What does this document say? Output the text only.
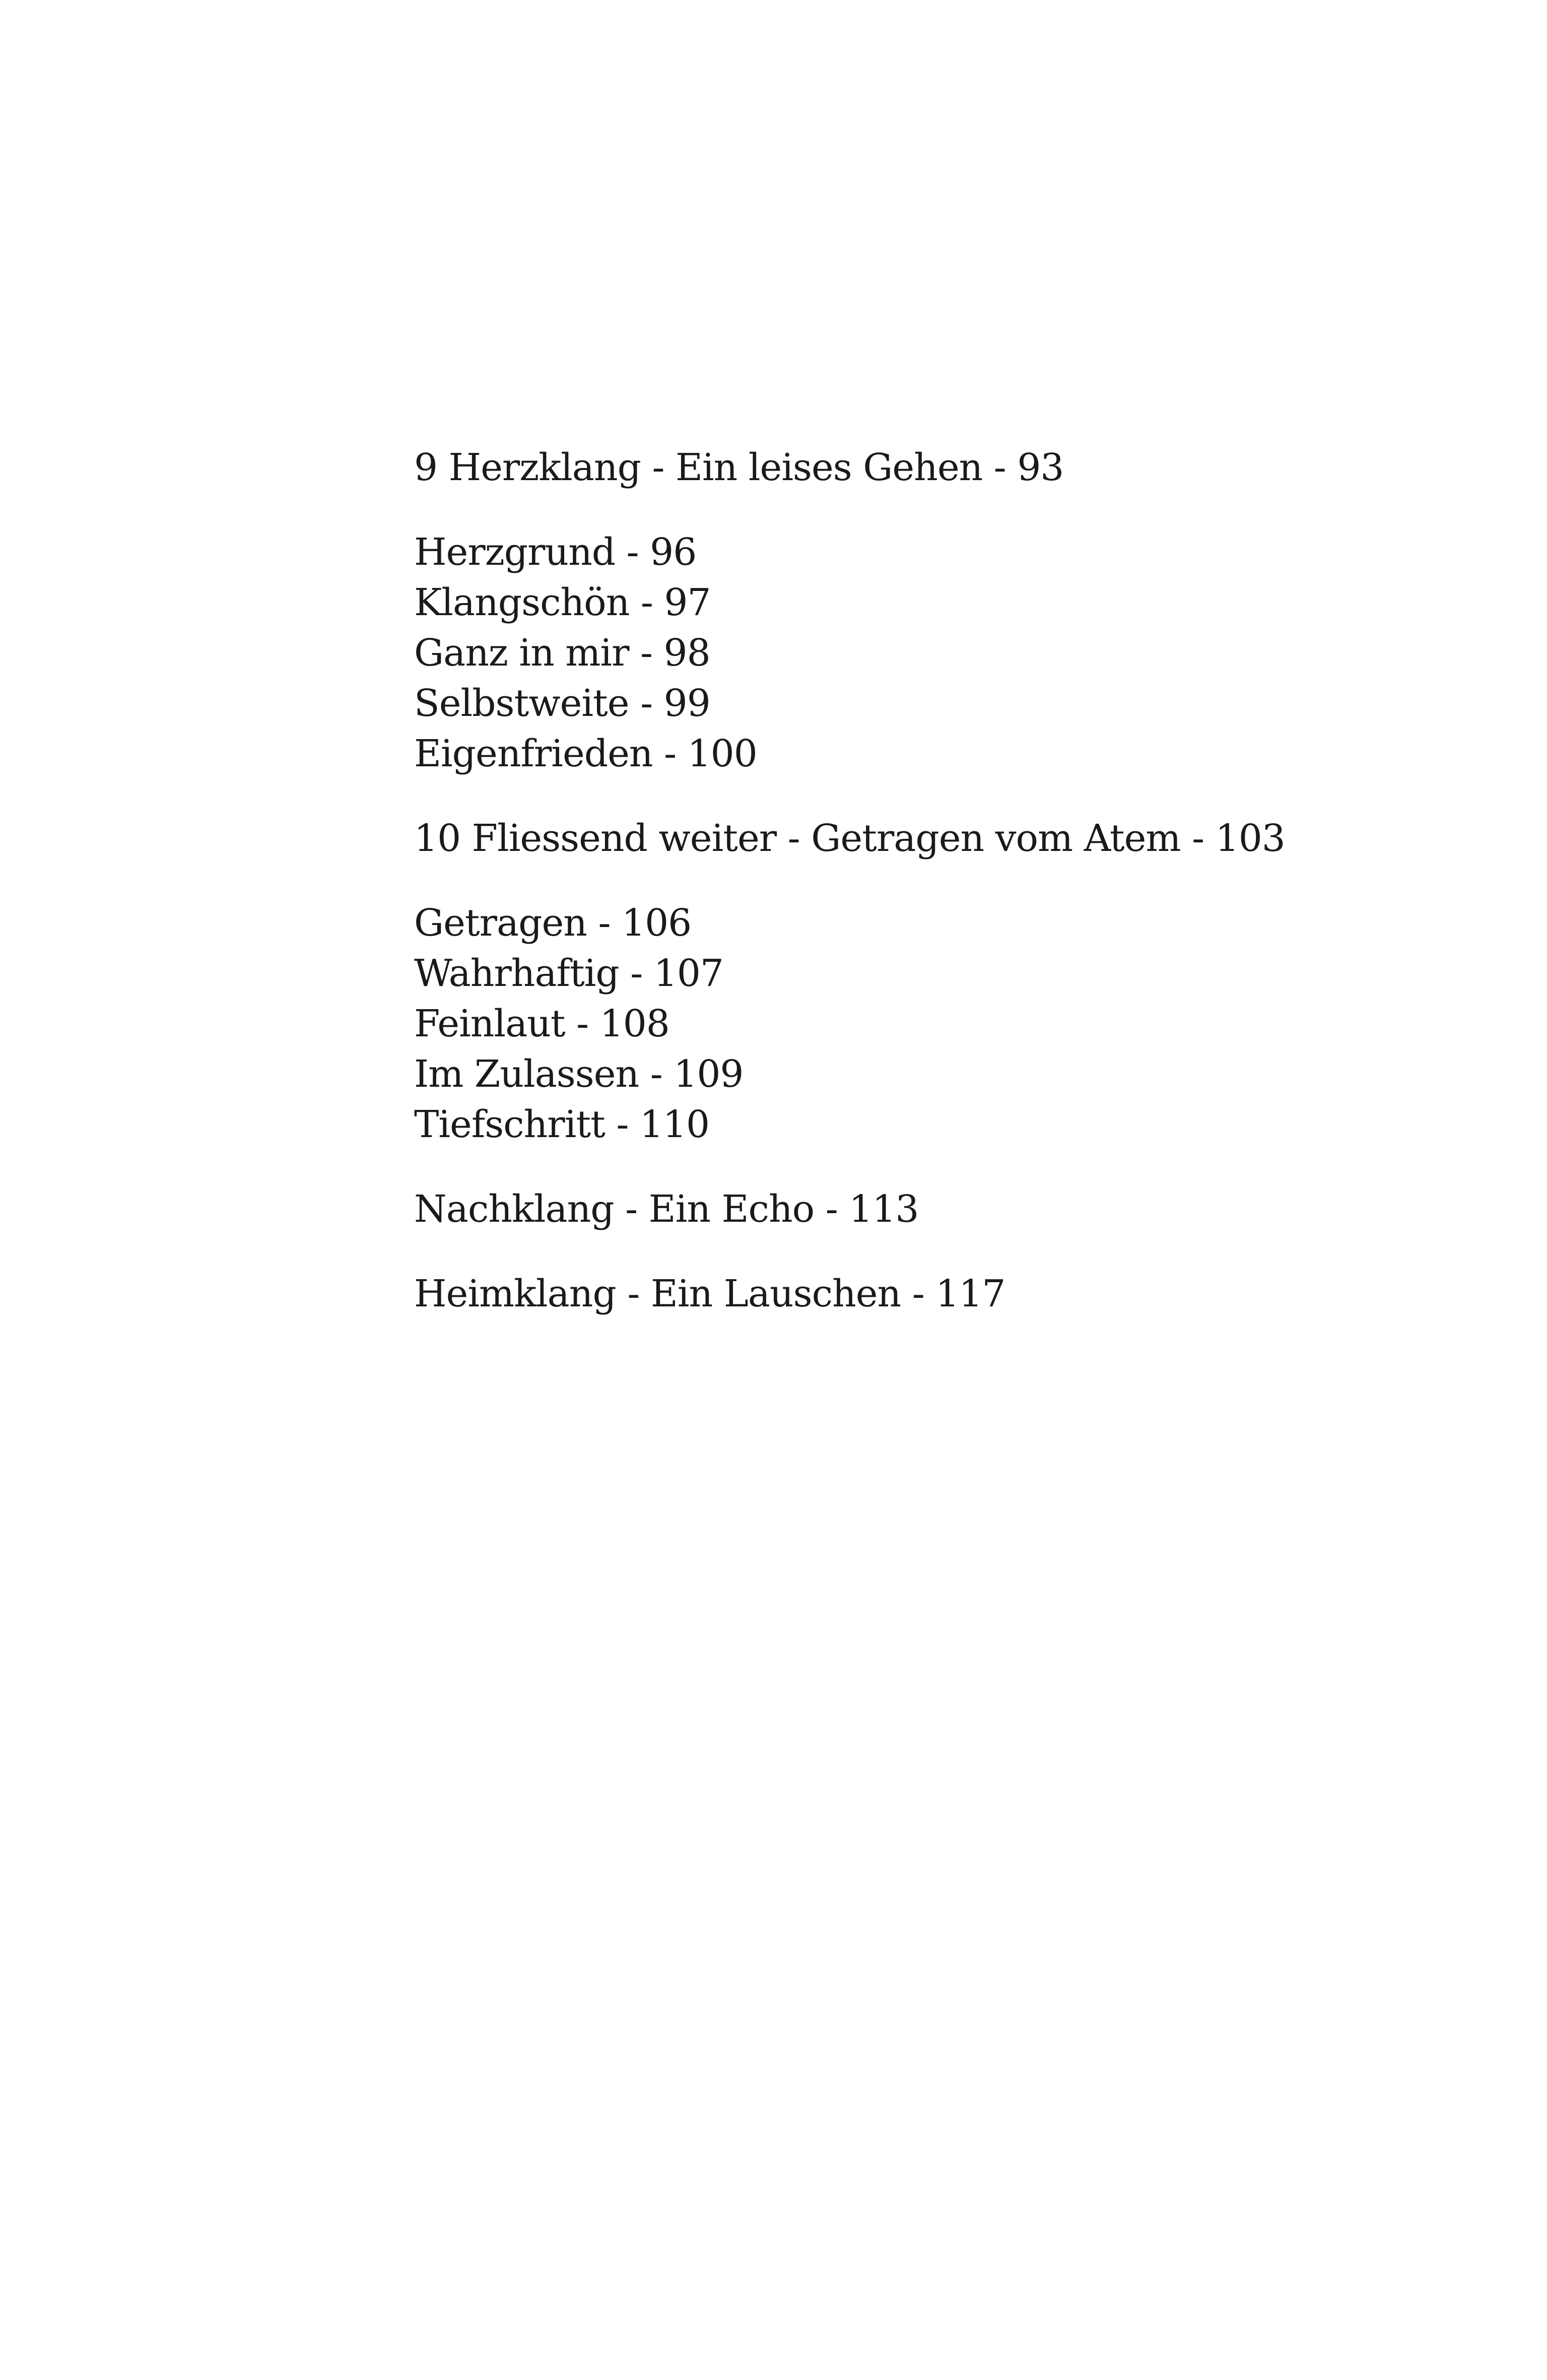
9 Herzklang - Ein leises Gehen - 93
Herzgrund - 96
Klangschön - 97
Ganz in mir - 98
Selbstweite - 99
Eigenfrieden - 100
10 Fliessend weiter - Getragen vom Atem - 103
Getragen - 106
Wahrhaftig - 107
Feinlaut - 108
Im Zulassen - 109
Tiefschritt - 110
Nachklang - Ein Echo - 113
Heimklang - Ein Lauschen - 117
